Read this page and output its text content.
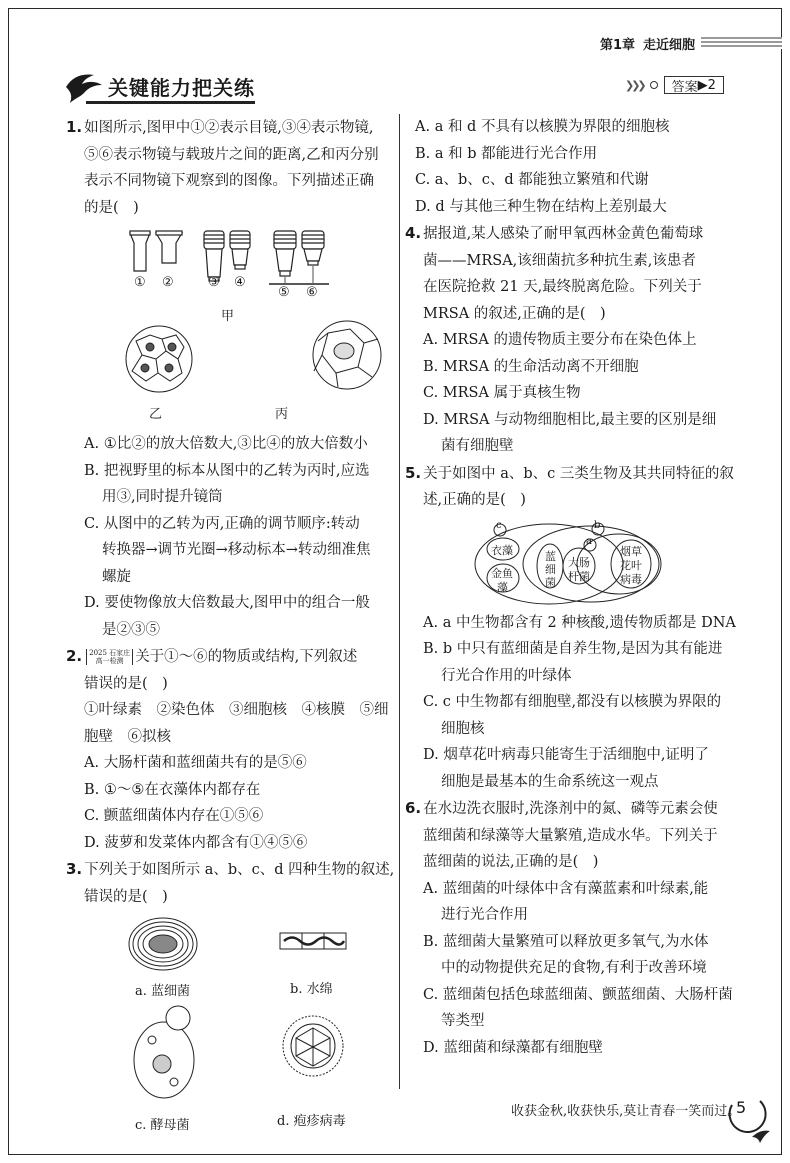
第1章 走近细胞
关键能力把关练	❯❯❯ 答案 ▶2
1. 如图所示,图甲中①②表示目镜,③④表示物镜,
⑤⑥表示物镜与载玻片之间的距离,乙和丙分别
表示不同物镜下观察到的图像。下列描述正确
的是(　)
① ②	③ ④
⑤ ⑥
甲
乙	丙
A. ①比②的放大倍数大,③比④的放大倍数小
B. 把视野里的标本从图中的乙转为丙时,应选
用③,同时提升镜筒
C. 从图中的乙转为丙,正确的调节顺序:转动
转换器→调节光圈→移动标本→转动细准焦
螺旋
D. 要使物像放大倍数最大,图甲中的组合一般
是②③⑤
2. 2025 石家庄
高一检测 关于①～⑥的物质或结构,下列叙述
错误的是(　)
①叶绿素　②染色体　③细胞核　④核膜　⑤细
胞壁　⑥拟核
A. 大肠杆菌和蓝细菌共有的是⑤⑥
B. ①～⑤在衣藻体内都存在
C. 颤蓝细菌体内存在①⑤⑥
D. 菠萝和发菜体内都含有①④⑤⑥
3. 下列关于如图所示 a、b、c、d 四种生物的叙述,
错误的是(　)
a. 蓝细菌	b. 水绵
c. 酵母菌	d. 疱疹病毒
A. a 和 d 不具有以核膜为界限的细胞核
B. a 和 b 都能进行光合作用
C. a、b、c、d 都能独立繁殖和代谢
D. d 与其他三种生物在结构上差别最大
4. 据报道,某人感染了耐甲氧西林金黄色葡萄球
菌——MRSA,该细菌抗多种抗生素,该患者
在医院抢救 21 天,最终脱离危险。下列关于
MRSA 的叙述,正确的是(　)
A. MRSA 的遗传物质主要分布在染色体上
B. MRSA 的生命活动离不开细胞
C. MRSA 属于真核生物
D. MRSA 与动物细胞相比,最主要的区别是细
菌有细胞壁
5. 关于如图中 a、b、c 三类生物及其共同特征的叙
述,正确的是(　)
c	b
a
衣藻
金鱼
藻
蓝
细
菌
大肠
杆菌
烟草
花叶
病毒
A. a 中生物都含有 2 种核酸,遗传物质都是 DNA
B. b 中只有蓝细菌是自养生物,是因为其有能进
行光合作用的叶绿体
C. c 中生物都有细胞壁,都没有以核膜为界限的
细胞核
D. 烟草花叶病毒只能寄生于活细胞中,证明了
细胞是最基本的生命系统这一观点
6. 在水边洗衣服时,洗涤剂中的氮、磷等元素会使
蓝细菌和绿藻等大量繁殖,造成水华。下列关于
蓝细菌的说法,正确的是(　)
A. 蓝细菌的叶绿体中含有藻蓝素和叶绿素,能
进行光合作用
B. 蓝细菌大量繁殖可以释放更多氧气,为水体
中的动物提供充足的食物,有利于改善环境
C. 蓝细菌包括色球蓝细菌、颤蓝细菌、大肠杆菌
等类型
D. 蓝细菌和绿藻都有细胞壁
收获金秋,收获快乐,莫让青春一笑而过。
5
